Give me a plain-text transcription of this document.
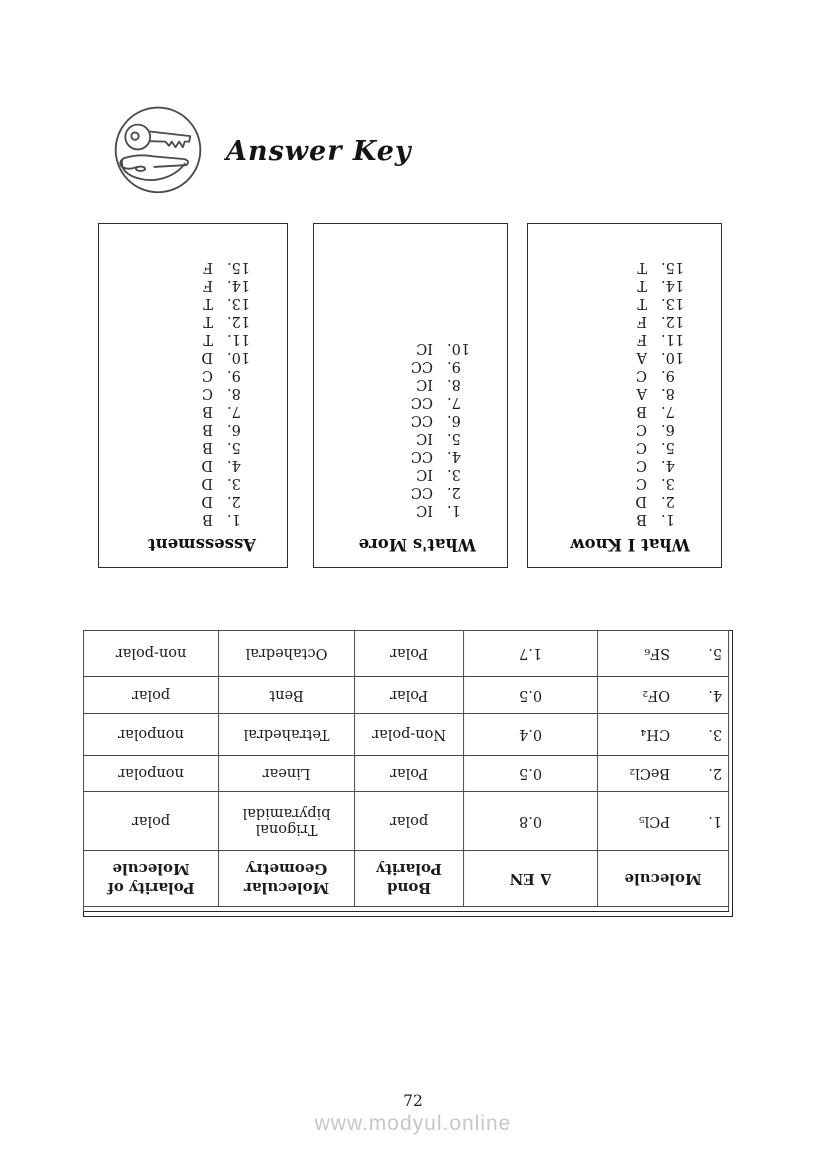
Answer Key
Assessment
1.B
2.D
3.D
4.D
5.B
6.B
7.B
8.C
9.C
10.D
11.T
12.T
13.T
14.F
15.F
What's More
1.IC
2.CC
3.IC
4.CC
5.IC
6.CC
7.CC
8.IC
9.CC
10.IC
What I Know
1.B
2.D
3.C
4.C
5.C
6.C
7.B
8.A
9.C
10.A
11.F
12.F
13.T
14.T
15.T

Molecule	Δ EN	Bond Polarity	Molecular Geometry	Polarity of Molecule
1.PCl₅	0.8	polar	Trigonal bipyramidal	polar
2.BeCl₂	0.5	Polar	Linear	nonpolar
3.CH₄	0.4	Non-polar	Tetrahedral	nonpolar
4.OF₂	0.5	Polar	Bent	polar
5.SF₆	1.7	Polar	Octahedral	non-polar
72
www.modyul.online
